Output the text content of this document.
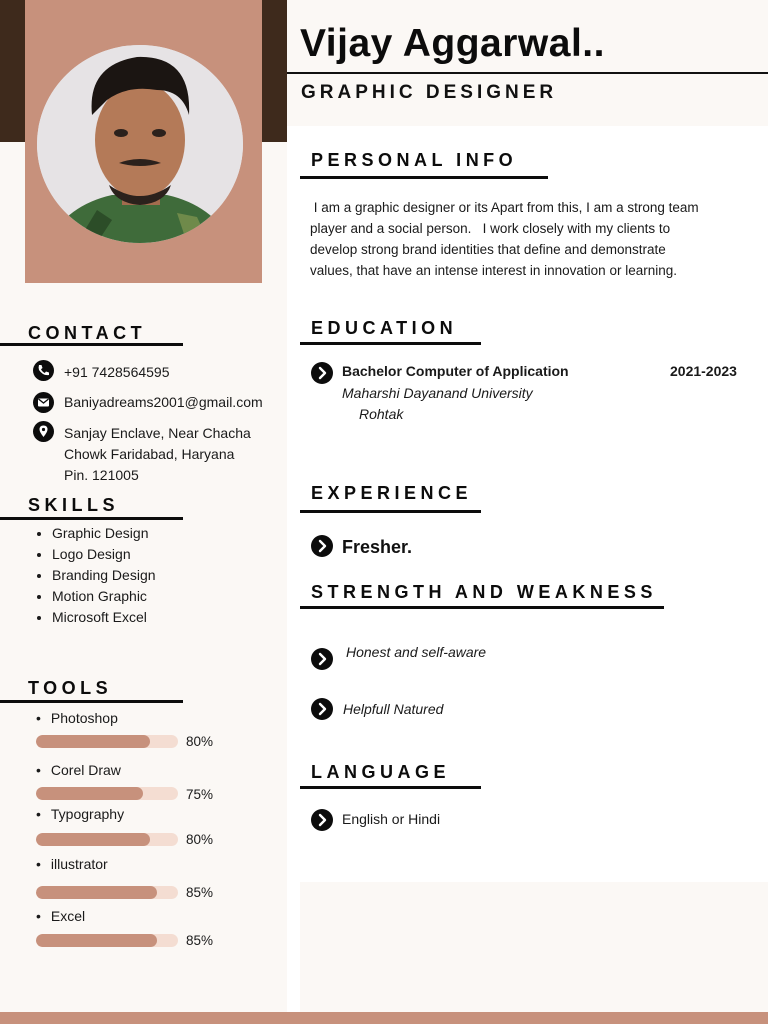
Vijay Aggarwal..
GRAPHIC DESIGNER
PERSONAL INFO
I am a graphic designer or its Apart from this, I am a strong team
player and a social person.   I work closely with my clients to
develop strong brand identities that define and demonstrate
values, that have an intense interest in innovation or learning.
CONTACT
+91 7428564595
Baniyadreams2001@gmail.com
Sanjay Enclave, Near Chacha
Chowk Faridabad, Haryana
Pin. 121005
SKILLS
• Graphic Design
• Logo Design
• Branding Design
• Motion Graphic
• Microsoft Excel
TOOLS
• Photoshop
80%
• Corel Draw
75%
• Typography
80%
• illustrator
85%
• Excel
85%
EDUCATION
Bachelor Computer of Application	2021-2023
Maharshi Dayanand University
Rohtak
EXPERIENCE
Fresher.
STRENGTH AND WEAKNESS
Honest and self-aware
Helpfull Natured
LANGUAGE
English or Hindi
